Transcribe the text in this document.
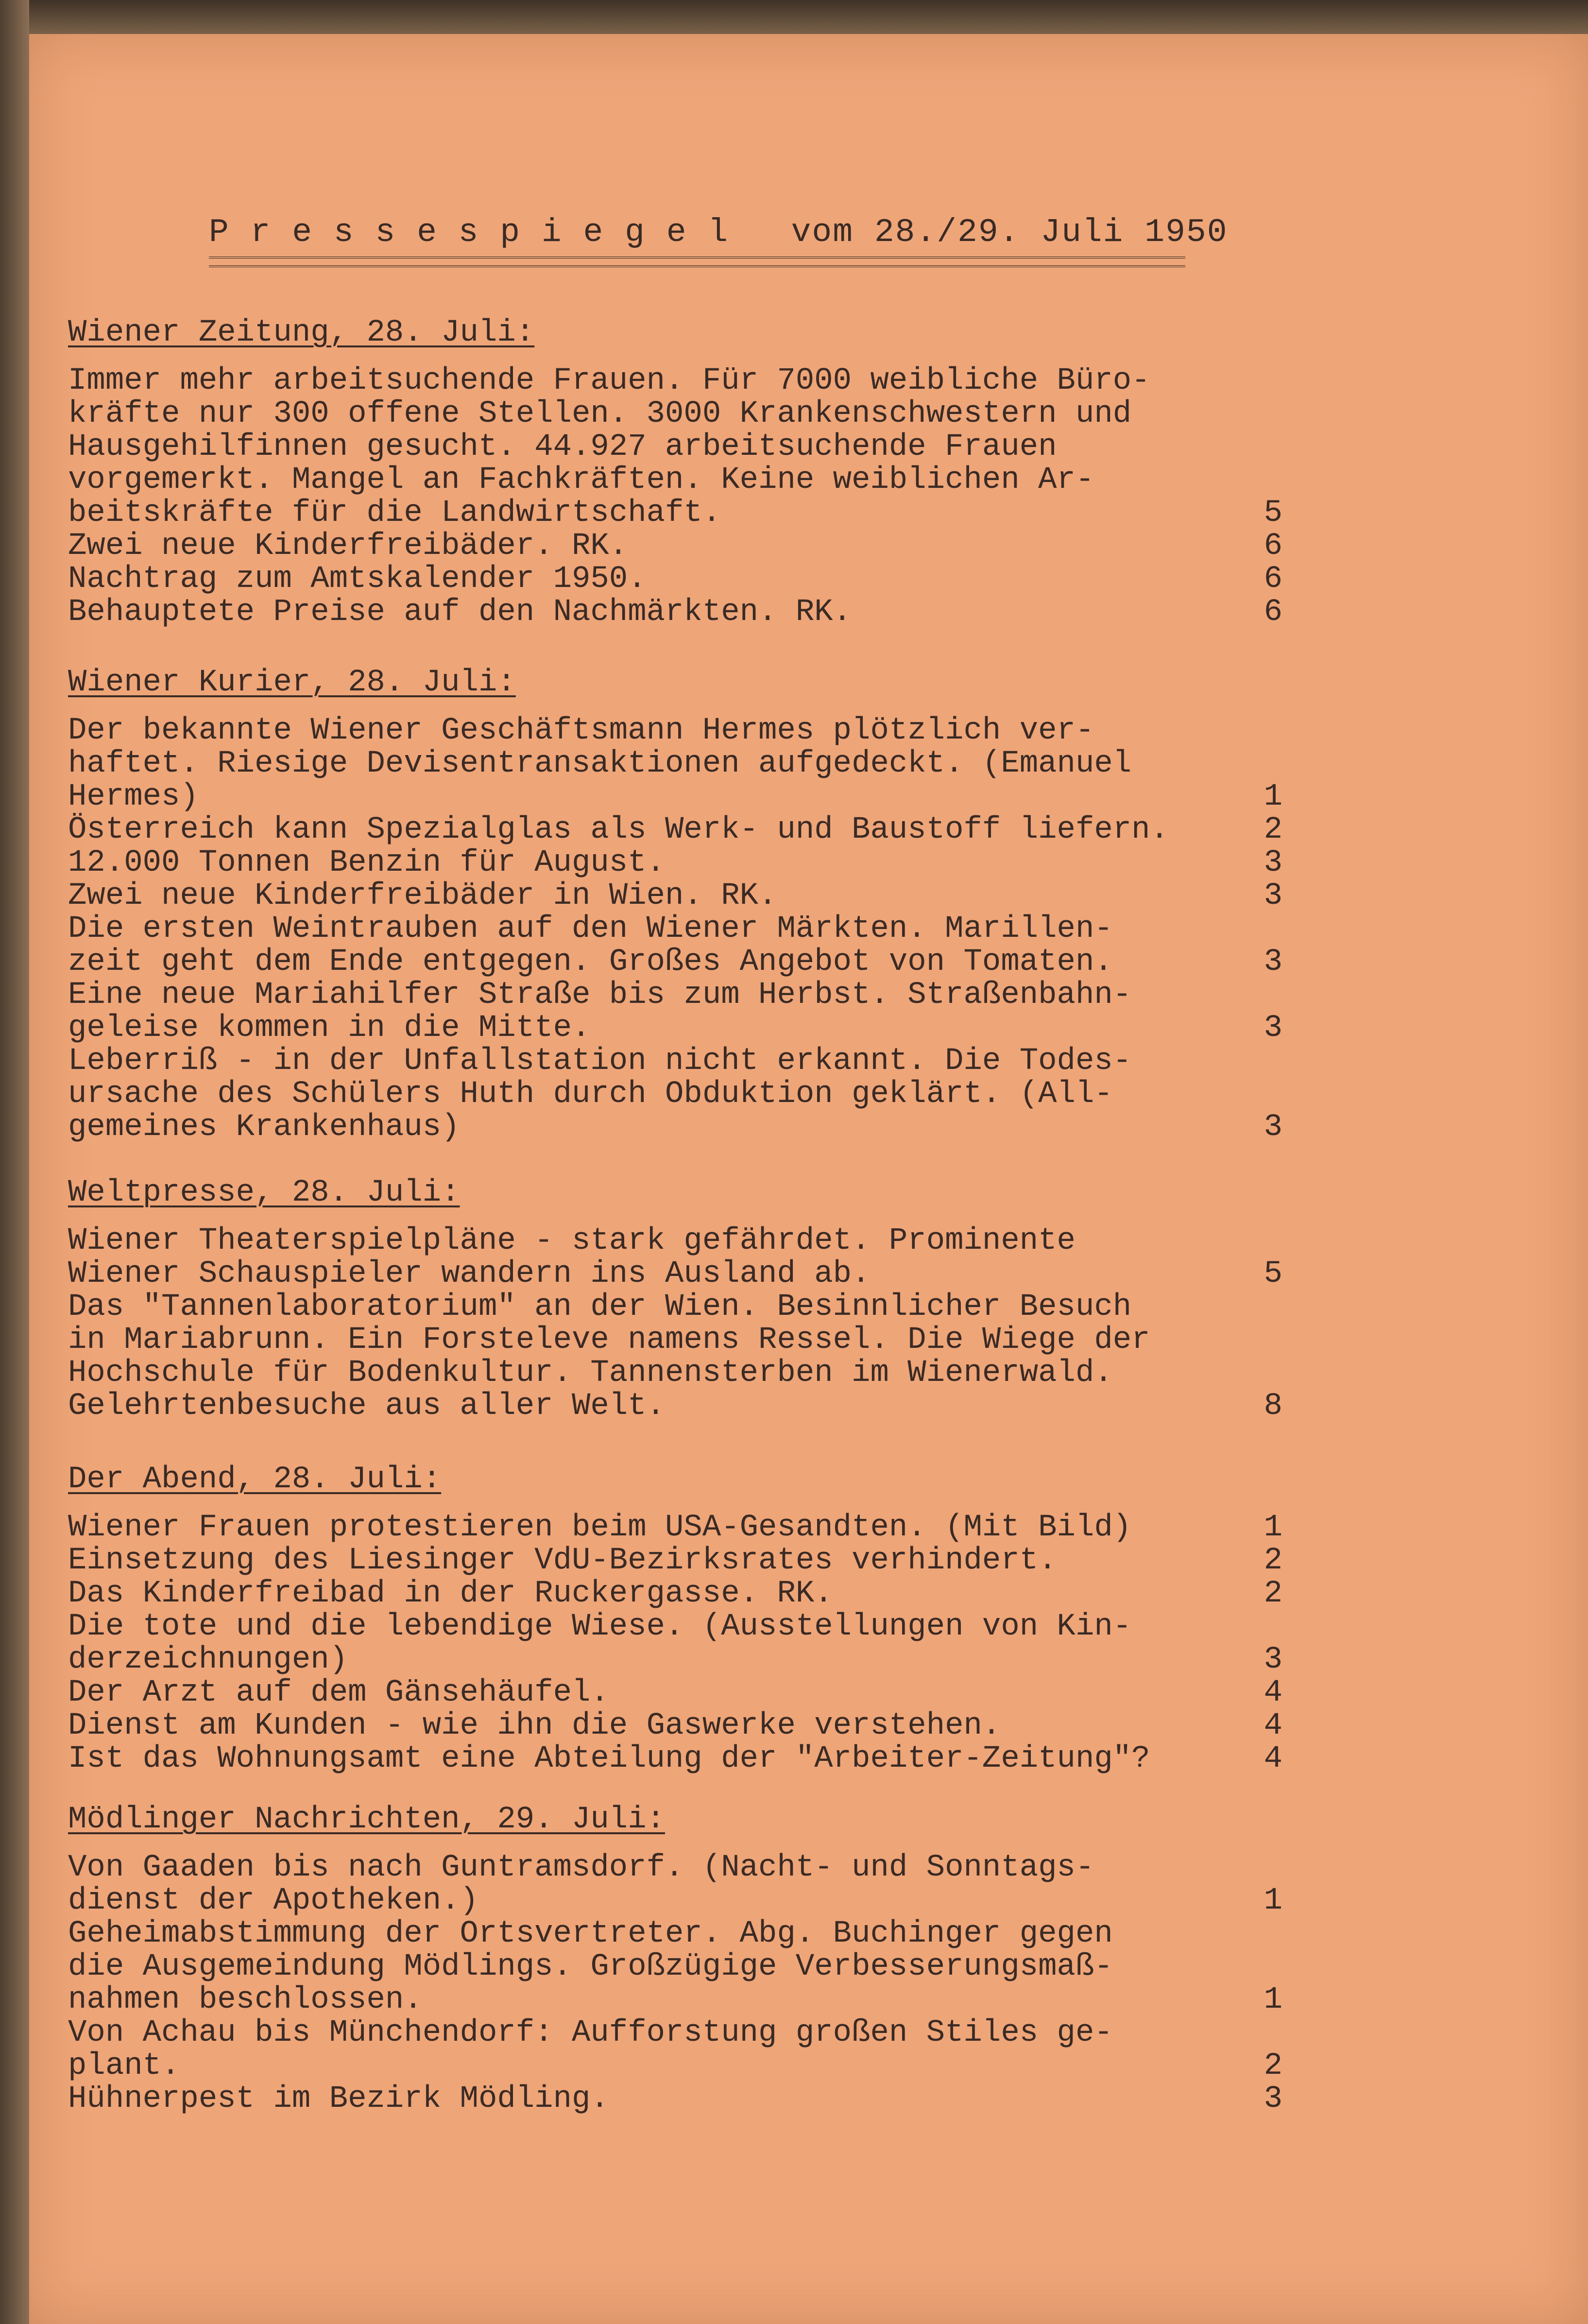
P r e s s e s p i e g e l   vom 28./29. Juli 1950
Wiener Zeitung, 28. Juli:
Immer mehr arbeitsuchende Frauen. Für 7000 weibliche Büro-
kräfte nur 300 offene Stellen. 3000 Krankenschwestern und
Hausgehilfinnen gesucht. 44.927 arbeitsuchende Frauen
vorgemerkt. Mangel an Fachkräften. Keine weiblichen Ar-
beitskräfte für die Landwirtschaft.	5
Zwei neue Kinderfreibäder. RK.	6
Nachtrag zum Amtskalender 1950.	6
Behauptete Preise auf den Nachmärkten. RK.	6
Wiener Kurier, 28. Juli:
Der bekannte Wiener Geschäftsmann Hermes plötzlich ver-
haftet. Riesige Devisentransaktionen aufgedeckt. (Emanuel
Hermes)	1
Österreich kann Spezialglas als Werk- und Baustoff liefern.	2
12.000 Tonnen Benzin für August.	3
Zwei neue Kinderfreibäder in Wien. RK.	3
Die ersten Weintrauben auf den Wiener Märkten. Marillen-
zeit geht dem Ende entgegen. Großes Angebot von Tomaten.	3
Eine neue Mariahilfer Straße bis zum Herbst. Straßenbahn-
geleise kommen in die Mitte.	3
Leberriß - in der Unfallstation nicht erkannt. Die Todes-
ursache des Schülers Huth durch Obduktion geklärt. (All-
gemeines Krankenhaus)	3
Weltpresse, 28. Juli:
Wiener Theaterspielpläne - stark gefährdet. Prominente
Wiener Schauspieler wandern ins Ausland ab.	5
Das "Tannenlaboratorium" an der Wien. Besinnlicher Besuch
in Mariabrunn. Ein Forsteleve namens Ressel. Die Wiege der
Hochschule für Bodenkultur. Tannensterben im Wienerwald.
Gelehrtenbesuche aus aller Welt.	8
Der Abend, 28. Juli:
Wiener Frauen protestieren beim USA-Gesandten. (Mit Bild)	1
Einsetzung des Liesinger VdU-Bezirksrates verhindert.	2
Das Kinderfreibad in der Ruckergasse. RK.	2
Die tote und die lebendige Wiese. (Ausstellungen von Kin-
derzeichnungen)	3
Der Arzt auf dem Gänsehäufel.	4
Dienst am Kunden - wie ihn die Gaswerke verstehen.	4
Ist das Wohnungsamt eine Abteilung der "Arbeiter-Zeitung"?	4
Mödlinger Nachrichten, 29. Juli:
Von Gaaden bis nach Guntramsdorf. (Nacht- und Sonntags-
dienst der Apotheken.)	1
Geheimabstimmung der Ortsvertreter. Abg. Buchinger gegen
die Ausgemeindung Mödlings. Großzügige Verbesserungsmaß-
nahmen beschlossen.	1
Von Achau bis Münchendorf: Aufforstung großen Stiles ge-
plant.	2
Hühnerpest im Bezirk Mödling.	3
